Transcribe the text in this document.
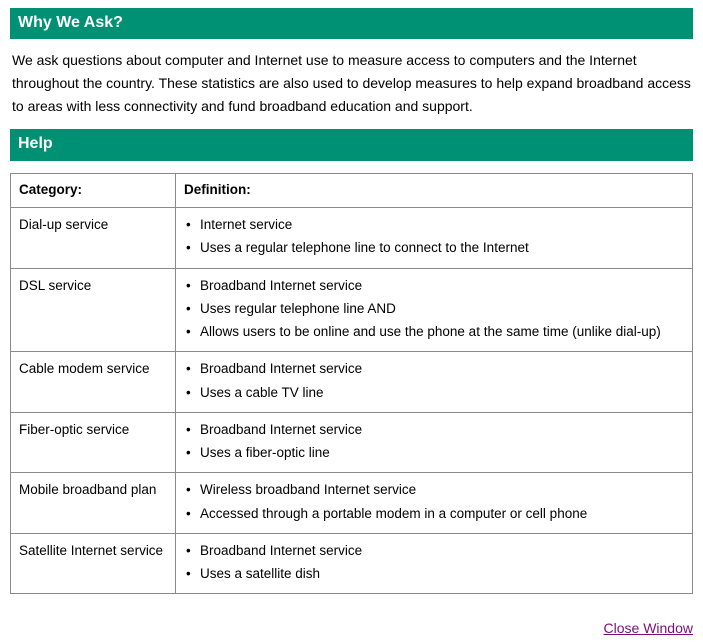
Why We Ask?
We ask questions about computer and Internet use to measure access to computers and the Internet throughout the country. These statistics are also used to develop measures to help expand broadband access to areas with less connectivity and fund broadband education and support.
Help
Category:	Definition:
Dial-up service	• Internet service
• Uses a regular telephone line to connect to the Internet

DSL service	• Broadband Internet service
• Uses regular telephone line AND
• Allows users to be online and use the phone at the same time (unlike dial-up)

Cable modem service	• Broadband Internet service
• Uses a cable TV line

Fiber-optic service	• Broadband Internet service
• Uses a fiber-optic line

Mobile broadband plan	• Wireless broadband Internet service
• Accessed through a portable modem in a computer or cell phone

Satellite Internet service	• Broadband Internet service
• Uses a satellite dish
Close Window
